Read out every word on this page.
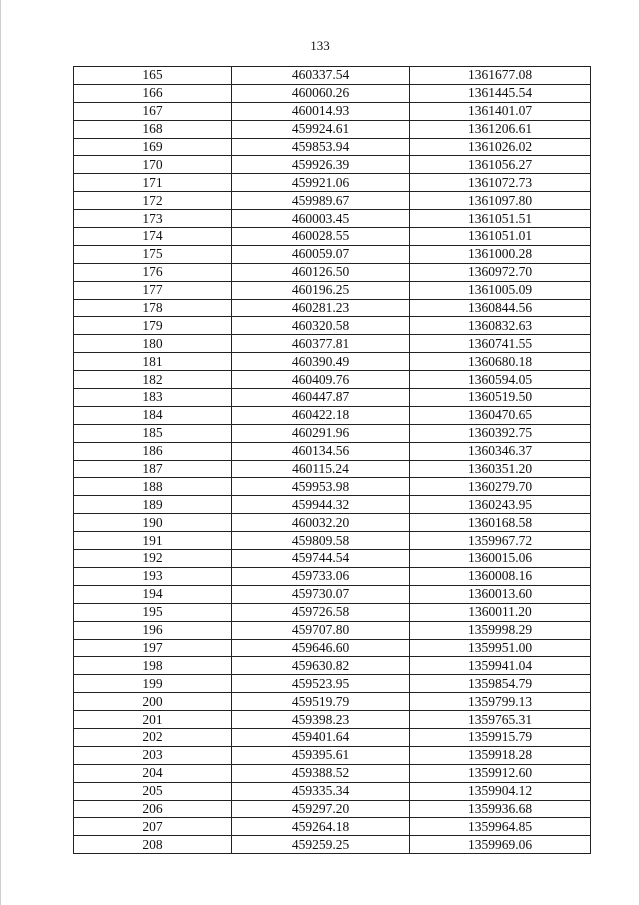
133
165	460337.54	1361677.08
166	460060.26	1361445.54
167	460014.93	1361401.07
168	459924.61	1361206.61
169	459853.94	1361026.02
170	459926.39	1361056.27
171	459921.06	1361072.73
172	459989.67	1361097.80
173	460003.45	1361051.51
174	460028.55	1361051.01
175	460059.07	1361000.28
176	460126.50	1360972.70
177	460196.25	1361005.09
178	460281.23	1360844.56
179	460320.58	1360832.63
180	460377.81	1360741.55
181	460390.49	1360680.18
182	460409.76	1360594.05
183	460447.87	1360519.50
184	460422.18	1360470.65
185	460291.96	1360392.75
186	460134.56	1360346.37
187	460115.24	1360351.20
188	459953.98	1360279.70
189	459944.32	1360243.95
190	460032.20	1360168.58
191	459809.58	1359967.72
192	459744.54	1360015.06
193	459733.06	1360008.16
194	459730.07	1360013.60
195	459726.58	1360011.20
196	459707.80	1359998.29
197	459646.60	1359951.00
198	459630.82	1359941.04
199	459523.95	1359854.79
200	459519.79	1359799.13
201	459398.23	1359765.31
202	459401.64	1359915.79
203	459395.61	1359918.28
204	459388.52	1359912.60
205	459335.34	1359904.12
206	459297.20	1359936.68
207	459264.18	1359964.85
208	459259.25	1359969.06
